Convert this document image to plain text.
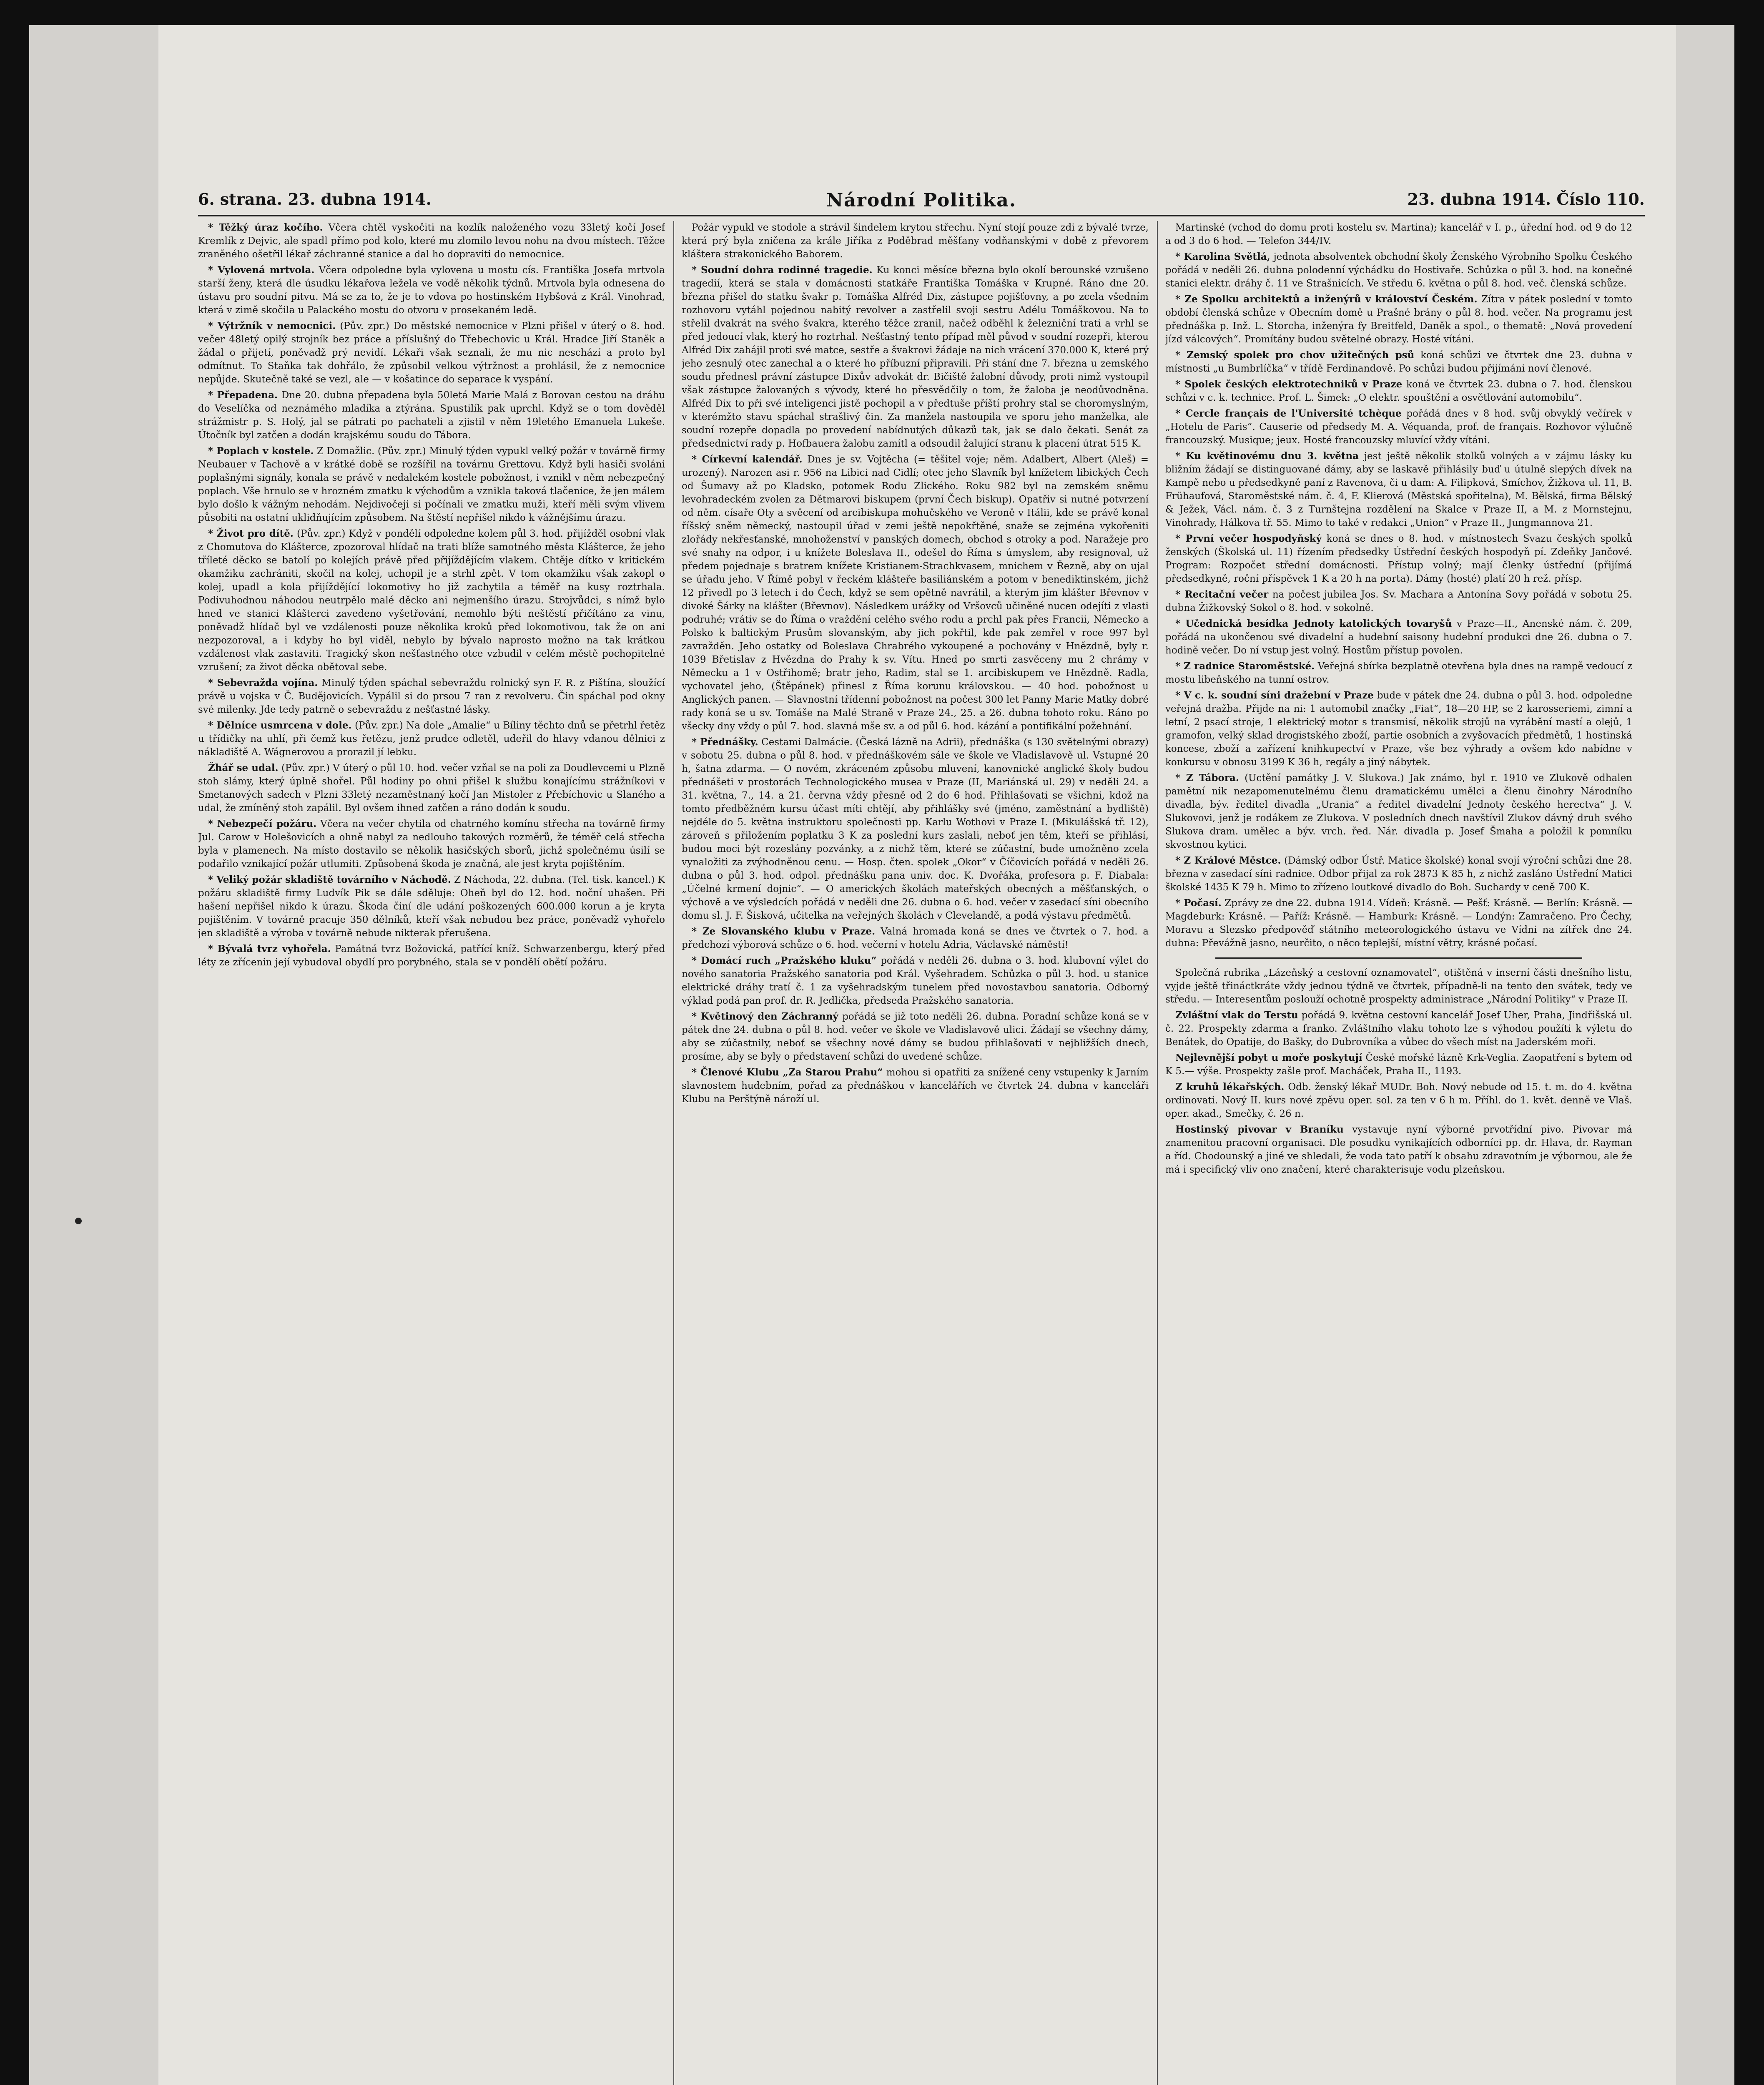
6. strana. 23. dubna 1914.	Národní Politika.	23. dubna 1914. Číslo 110.

* Těžký úraz kočího. Včera chtěl vyskočiti na kozlík naloženého vozu 33letý kočí Josef Kremlík z Dejvic, ale spadl přímo pod kolo, které mu zlomilo levou nohu na dvou místech. Těžce zraněného ošetřil lékař záchranné stanice a dal ho dopraviti do nemocnice.

* Vylovená mrtvola. Včera odpoledne byla vylovena u mostu cís. Františka Josefa mrtvola starší ženy, která dle úsudku lékařova ležela ve vodě několik týdnů. Mrtvola byla odnesena do ústavu pro soudní pitvu. Má se za to, že je to vdova po hostinském Hybšová z Král. Vinohrad, která v zimě skočila u Palackého mostu do otvoru v prosekaném ledě.

* Výtržník v nemocnici. (Pův. zpr.) Do městské nemocnice v Plzni přišel v úterý o 8. hod. večer 48letý opilý strojník bez práce a příslušný do Třebechovic u Král. Hradce Jiří Staněk a žádal o přijetí, poněvadž prý nevidí. Lékaři však seznali, že mu nic neschází a proto byl odmítnut. To Staňka tak dohřálo, že způsobil velkou výtržnost a prohlásil, že z nemocnice nepůjde. Skutečně také se vezl, ale — v košatince do separace k vyspání.

* Přepadena. Dne 20. dubna přepadena byla 50letá Marie Malá z Borovan cestou na dráhu do Veselíčka od neznámého mladíka a ztýrána. Spustilík pak uprchl. Když se o tom dověděl strážmistr p. S. Holý, jal se pátrati po pachateli a zjistil v něm 19letého Emanuela Lukeše. Útočník byl zatčen a dodán krajskému soudu do Tábora.

* Poplach v kostele. Z Domažlic. (Pův. zpr.) Minulý týden vypukl velký požár v továrně firmy Neubauer v Tachově a v krátké době se rozšířil na továrnu Grettovu. Když byli hasiči svoláni poplašnými signály, konala se právě v nedalekém kostele pobožnost, i vznikl v něm nebezpečný poplach. Vše hrnulo se v hrozném zmatku k východům a vznikla taková tlačenice, že jen málem bylo došlo k vážným nehodám. Nejdivočeji si počínali ve zmatku muži, kteří měli svým vlivem působiti na ostatní uklidňujícím způsobem. Na štěstí nepřišel nikdo k vážnějšímu úrazu.

* Život pro dítě. (Pův. zpr.) Když v pondělí odpoledne kolem půl 3. hod. přijížděl osobní vlak z Chomutova do Klášterce, zpozoroval hlídač na trati blíže samotného města Klášterce, že jeho tříleté děcko se batolí po kolejích právě před přijíždějícím vlakem. Chtěje dítko v kritickém okamžiku zachrániti, skočil na kolej, uchopil je a strhl zpět. V tom okamžiku však zakopl o kolej, upadl a kola přijíždějící lokomotivy ho již zachytila a téměř na kusy roztrhala. Podivuhodnou náhodou neutrpělo malé děcko ani nejmenšího úrazu. Strojvůdci, s nímž bylo hned ve stanici Klášterci zavedeno vyšetřování, nemohlo býti neštěstí přičítáno za vinu, poněvadž hlídač byl ve vzdálenosti pouze několika kroků před lokomotivou, tak že on ani nezpozoroval, a i kdyby ho byl viděl, nebylo by bývalo naprosto možno na tak krátkou vzdálenost vlak zastaviti. Tragický skon nešťastného otce vzbudil v celém městě pochopitelné vzrušení; za život děcka obětoval sebe.

* Sebevražda vojína. Minulý týden spáchal sebevraždu rolnický syn F. R. z Pištína, sloužící právě u vojska v Č. Budějovicích. Vypálil si do prsou 7 ran z revolveru. Čin spáchal pod okny své milenky. Jde tedy patrně o sebevraždu z nešťastné lásky.

* Dělníce usmrcena v dole. (Pův. zpr.) Na dole „Amalie“ u Bíliny těchto dnů se přetrhl řetěz u třídičky na uhlí, při čemž kus řetězu, jenž prudce odletěl, udeřil do hlavy vdanou dělnici z nákladiště A. Wágnerovou a prorazil jí lebku.

Žhář se udal. (Pův. zpr.) V úterý o půl 10. hod. večer vzňal se na poli za Doudlevcemi u Plzně stoh slámy, který úplně shořel. Půl hodiny po ohni přišel k službu konajícímu strážníkovi v Smetanových sadech v Plzni 33letý nezaměstnaný kočí Jan Mistoler z Přebíchovic u Slaného a udal, že zmíněný stoh zapálil. Byl ovšem ihned zatčen a ráno dodán k soudu.

* Nebezpečí požáru. Včera na večer chytila od chatrného komínu střecha na továrně firmy Jul. Carow v Holešovicích a ohně nabyl za nedlouho takových rozměrů, že téměř celá střecha byla v plamenech. Na místo dostavilo se několik hasičských sborů, jichž společnému úsilí se podařilo vznikající požár utlumiti. Způsobená škoda je značná, ale jest kryta pojištěním.

* Veliký požár skladiště továrního v Náchodě. Z Náchoda, 22. dubna. (Tel. tisk. kancel.) K požáru skladiště firmy Ludvík Pik se dále sděluje: Oheň byl do 12. hod. noční uhašen. Při hašení nepřišel nikdo k úrazu. Škoda činí dle udání poškozených 600.000 korun a je kryta pojištěním. V továrně pracuje 350 dělníků, kteří však nebudou bez práce, poněvadž vyhořelo jen skladiště a výroba v továrně nebude nikterak přerušena.

* Bývalá tvrz vyhořela. Památná tvrz Božovická, patřící kníž. Schwarzenbergu, který před léty ze zřícenin její vybudoval obydlí pro porybného, stala se v pondělí obětí požáru.

Požár vypukl ve stodole a strávil šindelem krytou střechu. Nyní stojí pouze zdi z bývalé tvrze, která prý byla zničena za krále Jiříka z Poděbrad měšťany vodňanskými v době z převorem kláštera strakonického Baborem.

* Soudní dohra rodinné tragedie. Ku konci měsíce března bylo okolí berounské vzrušeno tragedií, která se stala v domácnosti statkáře Františka Tomáška v Krupné. Ráno dne 20. března přišel do statku švakr p. Tomáška Alfréd Dix, zástupce pojišťovny, a po zcela všedním rozhovoru vytáhl pojednou nabitý revolver a zastřelil svoji sestru Adélu Tomáškovou. Na to střelil dvakrát na svého švakra, kterého těžce zranil, načež odběhl k železniční trati a vrhl se před jedoucí vlak, který ho roztrhal. Nešťastný tento případ měl původ v soudní rozepři, kterou Alfréd Dix zahájil proti své matce, sestře a švakrovi žádaje na nich vrácení 370.000 K, které prý jeho zesnulý otec zanechal a o které ho příbuzní připravili. Při stání dne 7. března u zemského soudu přednesl právní zástupce Dixův advokát dr. Bičiště žalobní důvody, proti nimž vystoupil však zástupce žalovaných s vývody, které ho přesvědčily o tom, že žaloba je neodůvodněna. Alfréd Dix to při své inteligenci jistě pochopil a v předtuše příští prohry stal se choromyslným, v kterémžto stavu spáchal strašlivý čin. Za manžela nastoupila ve sporu jeho manželka, ale soudní rozepře dopadla po provedení nabídnutých důkazů tak, jak se dalo čekati. Senát za předsednictví rady p. Hofbauera žalobu zamítl a odsoudil žalující stranu k placení útrat 515 K.

* Církevní kalendář. Dnes je sv. Vojtěcha (= těšitel voje; něm. Adalbert, Albert (Aleš) = urozený). Narozen asi r. 956 na Libici nad Cidlí; otec jeho Slavník byl knížetem libických Čech od Šumavy až po Kladsko, potomek Rodu Zlického. Roku 982 byl na zemském sněmu levohradeckém zvolen za Dětmarovi biskupem (první Čech biskup). Opatřiv si nutné potvrzení od něm. císaře Oty a svěcení od arcibiskupa mohučského ve Veroně v Itálii, kde se právě konal říšský sněm německý, nastoupil úřad v zemi ještě nepokřtěné, snaže se zejména vykořeniti zlořády nekřesťanské, mnohoženství v panských domech, obchod s otroky a pod. Naražeje pro své snahy na odpor, i u knížete Boleslava II., odešel do Říma s úmyslem, aby resignoval, už předem pojednaje s bratrem knížete Kristianem-Strachkvasem, mnichem v Řezně, aby on ujal se úřadu jeho. V Římě pobyl v řeckém klášteře basiliánském a potom v benediktinském, jichž 12 přivedl po 3 letech i do Čech, když se sem opětně navrátil, a kterým jim klášter Břevnov v divoké Šárky na klášter (Břevnov). Následkem urážky od Vršovců učiněné nucen odejíti z vlasti podruhé; vrátiv se do Říma o vraždění celého svého rodu a prchl pak přes Francii, Německo a Polsko k baltickým Prusům slovanským, aby jich pokřtil, kde pak zemřel v roce 997 byl zavražděn. Jeho ostatky od Boleslava Chrabrého vykoupené a pochovány v Hnězdně, byly r. 1039 Břetislav z Hvězdna do Prahy k sv. Vítu. Hned po smrti zasvěceny mu 2 chrámy v Německu a 1 v Ostřihomě; bratr jeho, Radim, stal se 1. arcibiskupem ve Hnězdně. Radla, vychovatel jeho, (Štěpánek) přinesl z Říma korunu královskou. — 40 hod. pobožnost u Anglických panen. — Slavnostní třídenní pobožnost na počest 300 let Panny Marie Matky dobré rady koná se u sv. Tomáše na Malé Straně v Praze 24., 25. a 26. dubna tohoto roku. Ráno po všecky dny vždy o půl 7. hod. slavná mše sv. a od půl 6. hod. kázání a pontifikální požehnání.

* Přednášky. Cestami Dalmácie. (Česká lázně na Adrii), přednáška (s 130 světelnými obrazy) v sobotu 25. dubna o půl 8. hod. v přednáškovém sále ve škole ve Vladislavově ul. Vstupné 20 h, šatna zdarma. — O novém, zkráceném způsobu mluvení, kanovnické anglické školy budou přednášeti v prostorách Technologického musea v Praze (II, Mariánská ul. 29) v neděli 24. a 31. května, 7., 14. a 21. června vždy přesně od 2 do 6 hod. Přihlašovati se všichni, kdož na tomto předběžném kursu účast míti chtějí, aby přihlášky své (jméno, zaměstnání a bydliště) nejdéle do 5. května instruktoru společnosti pp. Karlu Wothovi v Praze I. (Mikulášská tř. 12), zároveň s přiložením poplatku 3 K za poslední kurs zaslali, neboť jen těm, kteří se přihlásí, budou moci být rozeslány pozvánky, a z nichž těm, které se zúčastní, bude umožněno zcela vynaložiti za zvýhodněnou cenu. — Hosp. čten. spolek „Okor“ v Číčovicích pořádá v neděli 26. dubna o půl 3. hod. odpol. přednášku pana univ. doc. K. Dvořáka, profesora p. F. Diabala: „Účelné krmení dojnic“. — O amerických školách mateřských obecných a měšťanských, o výchově a ve výsledcích pořádá v neděli dne 26. dubna o 6. hod. večer v zasedací síni obecního domu sl. J. F. Šisková, učitelka na veřejných školách v Clevelandě, a podá výstavu předmětů.

* Ze Slovanského klubu v Praze. Valná hromada koná se dnes ve čtvrtek o 7. hod. a předchozí výborová schůze o 6. hod. večerní v hotelu Adria, Václavské náměstí!

* Domácí ruch „Pražského kluku“ pořádá v neděli 26. dubna o 3. hod. klubovní výlet do nového sanatoria Pražského sanatoria pod Král. Vyšehradem. Schůzka o půl 3. hod. u stanice elektrické dráhy tratí č. 1 za vyšehradským tunelem před novostavbou sanatoria. Odborný výklad podá pan prof. dr. R. Jedlička, předseda Pražského sanatoria.

* Květinový den Záchranný pořádá se již toto neděli 26. dubna. Poradní schůze koná se v pátek dne 24. dubna o půl 8. hod. večer ve škole ve Vladislavově ulici. Žádají se všechny dámy, aby se zúčastnily, neboť se všechny nové dámy se budou přihlašovati v nejbližších dnech, prosíme, aby se byly o představení schůzi do uvedené schůze.

* Členové Klubu „Za Starou Prahu“ mohou si opatřiti za snížené ceny vstupenky k Jarním slavnostem hudebním, pořad za přednáškou v kancelářích ve čtvrtek 24. dubna v kanceláři Klubu na Perštýně nároží ul.

Martinské (vchod do domu proti kostelu sv. Martina); kancelář v I. p., úřední hod. od 9 do 12 a od 3 do 6 hod. — Telefon 344/IV.

* Karolina Světlá, jednota absolventek obchodní školy Ženského Výrobního Spolku Českého pořádá v neděli 26. dubna polodenní výchádku do Hostivaře. Schůzka o půl 3. hod. na konečné stanici elektr. dráhy č. 11 ve Strašnicích. Ve středu 6. května o půl 8. hod. več. členská schůze.

* Ze Spolku architektů a inženýrů v království Českém. Zítra v pátek poslední v tomto období členská schůze v Obecním domě u Prašné brány o půl 8. hod. večer. Na programu jest přednáška p. Inž. L. Storcha, inženýra fy Breitfeld, Daněk a spol., o thematě: „Nová provedení jízd válcových“. Promítány budou světelné obrazy. Hosté vítáni.

* Zemský spolek pro chov užitečných psů koná schůzi ve čtvrtek dne 23. dubna v místnosti „u Bumbrlíčka“ v třídě Ferdinandově. Po schůzi budou přijímáni noví členové.

* Spolek českých elektrotechniků v Praze koná ve čtvrtek 23. dubna o 7. hod. členskou schůzi v c. k. technice. Prof. L. Šimek: „O elektr. spouštění a osvětlování automobilu“.

* Cercle français de l'Université tchèque pořádá dnes v 8 hod. svůj obvyklý večírek v „Hotelu de Paris“. Causerie od předsedy M. A. Véquanda, prof. de français. Rozhovor výlučně francouzský. Musique; jeux. Hosté francouzsky mluvící vždy vítáni.

* Ku květinovému dnu 3. května jest ještě několik stolků volných a v zájmu lásky ku bližním žádají se distinguované dámy, aby se laskavě přihlásily buď u útulně slepých dívek na Kampě nebo u předsedkyně paní z Ravenova, či u dam: A. Filipková, Smíchov, Žižkova ul. 11, B. Frühaufová, Staroměstské nám. č. 4, F. Klierová (Městská spořitelna), M. Bělská, firma Bělský & Ježek, Václ. nám. č. 3 z Turnštejna rozdělení na Skalce v Praze II, a M. z Mornstejnu, Vinohrady, Hálkova tř. 55. Mimo to také v redakci „Union“ v Praze II., Jungmannova 21.

* První večer hospodyňský koná se dnes o 8. hod. v místnostech Svazu českých spolků ženských (Školská ul. 11) řízením předsedky Ústřední českých hospodyň pí. Zdeňky Jančové. Program: Rozpočet střední domácnosti. Přístup volný; mají členky ústřední (přijímá předsedkyně, roční příspěvek 1 K a 20 h na porta). Dámy (hosté) platí 20 h rež. přísp.

* Recitační večer na počest jubilea Jos. Sv. Machara a Antonína Sovy pořádá v sobotu 25. dubna Žižkovský Sokol o 8. hod. v sokolně.

* Učednická besídka Jednoty katolických tovaryšů v Praze—II., Anenské nám. č. 209, pořádá na ukončenou své divadelní a hudební saisony hudební produkci dne 26. dubna o 7. hodině večer. Do ní vstup jest volný. Hostům přístup povolen.

* Z radnice Staroměstské. Veřejná sbírka bezplatně otevřena byla dnes na rampě vedoucí z mostu libeňského na tunní ostrov.

* V c. k. soudní síni dražební v Praze bude v pátek dne 24. dubna o půl 3. hod. odpoledne veřejná dražba. Přijde na ni: 1 automobil značky „Fiat“, 18—20 HP, se 2 karosseriemi, zimní a letní, 2 psací stroje, 1 elektrický motor s transmisí, několik strojů na vyrábění mastí a olejů, 1 gramofon, velký sklad drogistského zboží, partie osobních a zvyšovacích předmětů, 1 hostinská koncese, zboží a zařízení knihkupectví v Praze, vše bez výhrady a ovšem kdo nabídne v konkursu v obnosu 3199 K 36 h, regály a jiný nábytek.

* Z Tábora. (Uctění památky J. V. Slukova.) Jak známo, byl r. 1910 ve Zlukově odhalen pamětní nik nezapomenutelnému členu dramatickému umělci a členu činohry Národního divadla, býv. ředitel divadla „Urania“ a ředitel divadelní Jednoty českého herectva“ J. V. Slukovovi, jenž je rodákem ze Zlukova. V posledních dnech navštívil Zlukov dávný druh svého Slukova dram. umělec a býv. vrch. řed. Nár. divadla p. Josef Šmaha a položil k pomníku skvostnou kytici.

* Z Králové Městce. (Dámský odbor Ústř. Matice školské) konal svojí výroční schůzi dne 28. března v zasedací síni radnice. Odbor přijal za rok 2873 K 85 h, z nichž zasláno Ústřední Matici školské 1435 K 79 h. Mimo to zřízeno loutkové divadlo do Boh. Suchardy v ceně 700 K.

* Počasí. Zprávy ze dne 22. dubna 1914. Vídeň: Krásně. — Pešť: Krásně. — Berlín: Krásně. — Magdeburk: Krásně. — Paříž: Krásně. — Hamburk: Krásně. — Londýn: Zamračeno. Pro Čechy, Moravu a Slezsko předpověď státního meteorologického ústavu ve Vídni na zítřek dne 24. dubna: Převážně jasno, neurčito, o něco teplejší, místní větry, krásné počasí.

Společná rubrika „Lázeňský a cestovní oznamovatel“, otištěná v inserní části dnešního listu, vyjde ještě třináctkráte vždy jednou týdně ve čtvrtek, případně-li na tento den svátek, tedy ve středu. — Interesentům poslouží ochotně prospekty administrace „Národní Politiky“ v Praze II.

Zvláštní vlak do Terstu pořádá 9. května cestovní kancelář Josef Uher, Praha, Jindřišská ul. č. 22. Prospekty zdarma a franko. Zvláštního vlaku tohoto lze s výhodou použíti k výletu do Benátek, do Opatije, do Bašky, do Dubrovníka a vůbec do všech míst na Jaderském moři.

Nejlevnější pobyt u moře poskytují České mořské lázně Krk-Veglia. Zaopatření s bytem od K 5.— výše. Prospekty zašle prof. Macháček, Praha II., 1193.

Z kruhů lékařských. Odb. ženský lékař MUDr. Boh. Nový nebude od 15. t. m. do 4. května ordinovati. Nový II. kurs nové zpěvu oper. sol. za ten v 6 h m. Příhl. do 1. květ. denně ve Vlaš. oper. akad., Smečky, č. 26 n.

Hostinský pivovar v Braníku vystavuje nyní výborné prvotřídní pivo. Pivovar má znamenitou pracovní organisaci. Dle posudku vynikajících odborníci pp. dr. Hlava, dr. Rayman a říd. Chodounský a jiné ve shledali, že voda tato patří k obsahu zdravotním je výbornou, ale že má i specifický vliv ono značení, které charakterisuje vodu plzeňskou.
